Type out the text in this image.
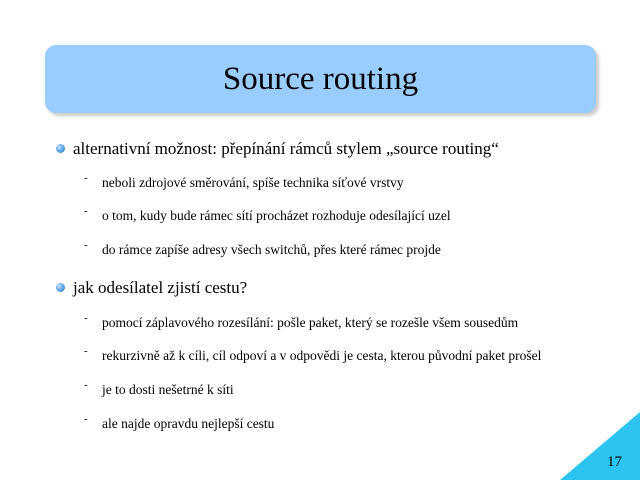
Source routing
alternativní možnost: přepínání rámců stylem „source routing“
- neboli zdrojové směrování, spíše technika síťové vrstvy
- o tom, kudy bude rámec sítí procházet rozhoduje odesílající uzel
- do rámce zapíše adresy všech switchů, přes které rámec projde
jak odesílatel zjistí cestu?
- pomocí záplavového rozesílání: pošle paket, který se rozešle všem sousedům
- rekurzivně až k cíli, cíl odpoví a v odpovědi je cesta, kterou původní paket prošel
- je to dosti nešetrné k síti
- ale najde opravdu nejlepší cestu
17
